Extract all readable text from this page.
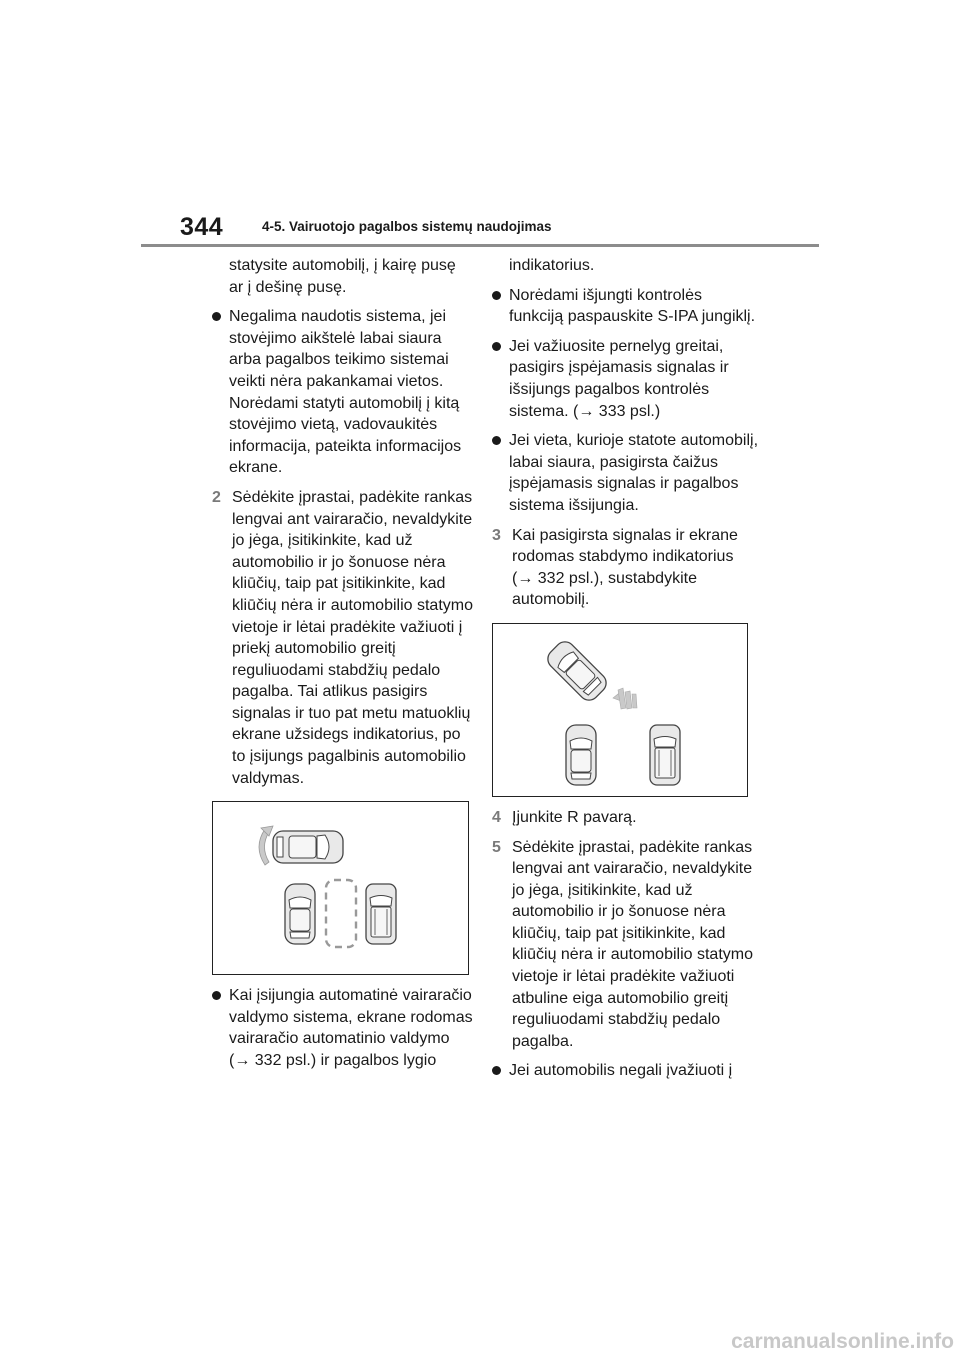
344	4-5. Vairuotojo pagalbos sistemų naudojimas

statysite automobilį, į kairę pusę ar į dešinę pusę.

Negalima naudotis sistema, jei stovėjimo aikštelė labai siaura arba pagalbos teikimo sistemai veikti nėra pakankamai vietos. Norėdami statyti automobilį į kitą stovėjimo vietą, vadovaukitės informacija, pateikta informacijos ekrane.
2 Sėdėkite įprastai, padėkite rankas lengvai ant vairaračio, nevaldykite jo jėga, įsitikinkite, kad už automobilio ir jo šonuose nėra kliūčių, taip pat įsitikinkite, kad kliūčių nėra ir automobilio statymo vietoje ir lėtai pradėkite važiuoti į priekį automobilio greitį reguliuodami stabdžių pedalo pagalba. Tai atlikus pasigirs signalas ir tuo pat metu matuoklių ekrane užsidegs indikatorius, po to įsijungs pagalbinis automobilio valdymas.
Kai įsijungia automatinė vairaračio valdymo sistema, ekrane rodomas vairaračio automatinio valdymo (→ 332 psl.) ir pagalbos lygio

indikatorius.

Norėdami išjungti kontrolės funkciją paspauskite S-IPA jungiklį.
Jei važiuosite pernelyg greitai, pasigirs įspėjamasis signalas ir išsijungs pagalbos kontrolės sistema. (→ 333 psl.)
Jei vieta, kurioje statote automobilį, labai siaura, pasigirsta čaižus įspėjamasis signalas ir pagalbos sistema išsijungia.
3 Kai pasigirsta signalas ir ekrane rodomas stabdymo indikatorius (→ 332 psl.), sustabdykite automobilį.
4 Įjunkite R pavarą.
5 Sėdėkite įprastai, padėkite rankas lengvai ant vairaračio, nevaldykite jo jėga, įsitikinkite, kad už automobilio ir jo šonuose nėra kliūčių, taip pat įsitikinkite, kad kliūčių nėra ir automobilio statymo vietoje ir lėtai pradėkite važiuoti atbuline eiga automobilio greitį reguliuodami stabdžių pedalo pagalba.
Jei automobilis negali įvažiuoti į
carmanualsonline.info
